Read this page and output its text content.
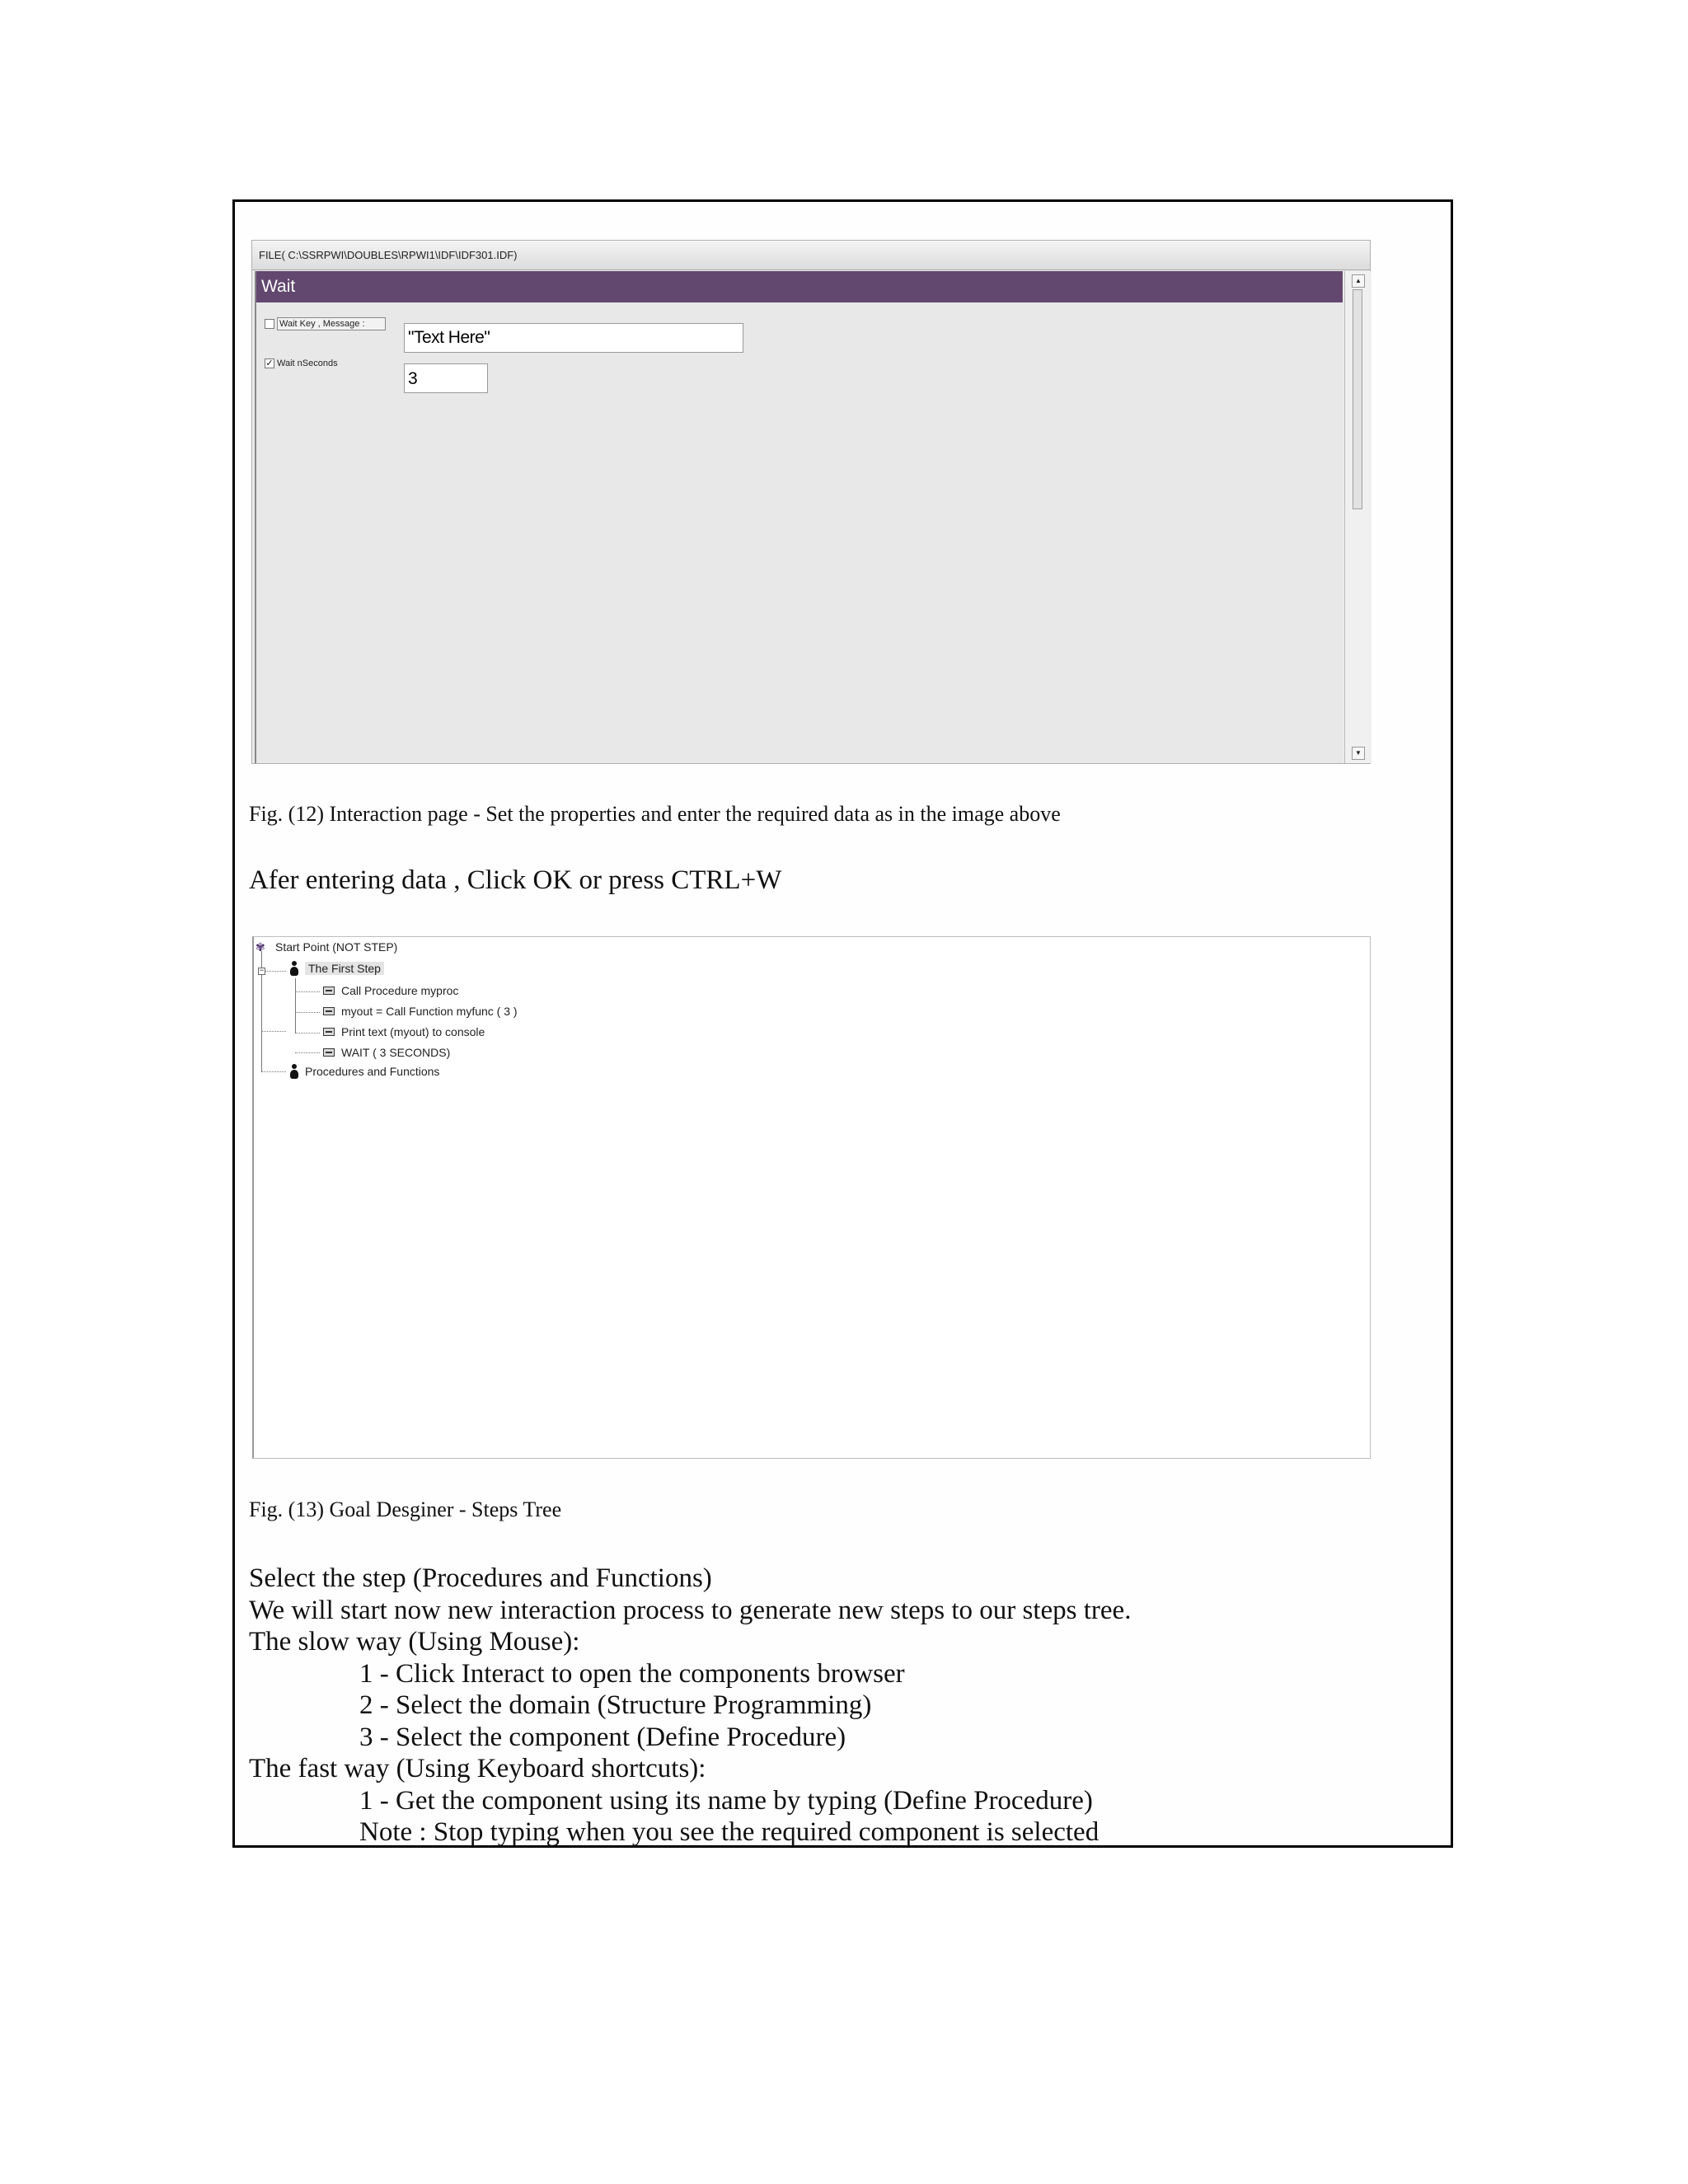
FILE( C:\SSRPWI\DOUBLES\RPWI1\IDF\IDF301.IDF)
Wait
Wait Key , Message :
"Text Here"
✓ Wait nSeconds
3
▲
▼
Fig. (12) Interaction page - Set the properties and enter the required data as in the image above
Afer entering data , Click OK or press CTRL+W
−
✾ Start Point (NOT STEP)
The First Step
Call Procedure myproc
myout = Call Function myfunc ( 3 )
Print text (myout) to console
WAIT ( 3 SECONDS)
Procedures and Functions
Fig. (13) Goal Desginer - Steps Tree
Select the step (Procedures and Functions)
We will start now new interaction process to generate new steps to our steps tree.
The slow way (Using Mouse):
1 - Click Interact to open the components browser
2 - Select the domain (Structure Programming)
3 - Select the component (Define Procedure)
The fast way (Using Keyboard shortcuts):
1 - Get the component using its name by typing (Define Procedure)
Note : Stop typing when you see the required component is selected
